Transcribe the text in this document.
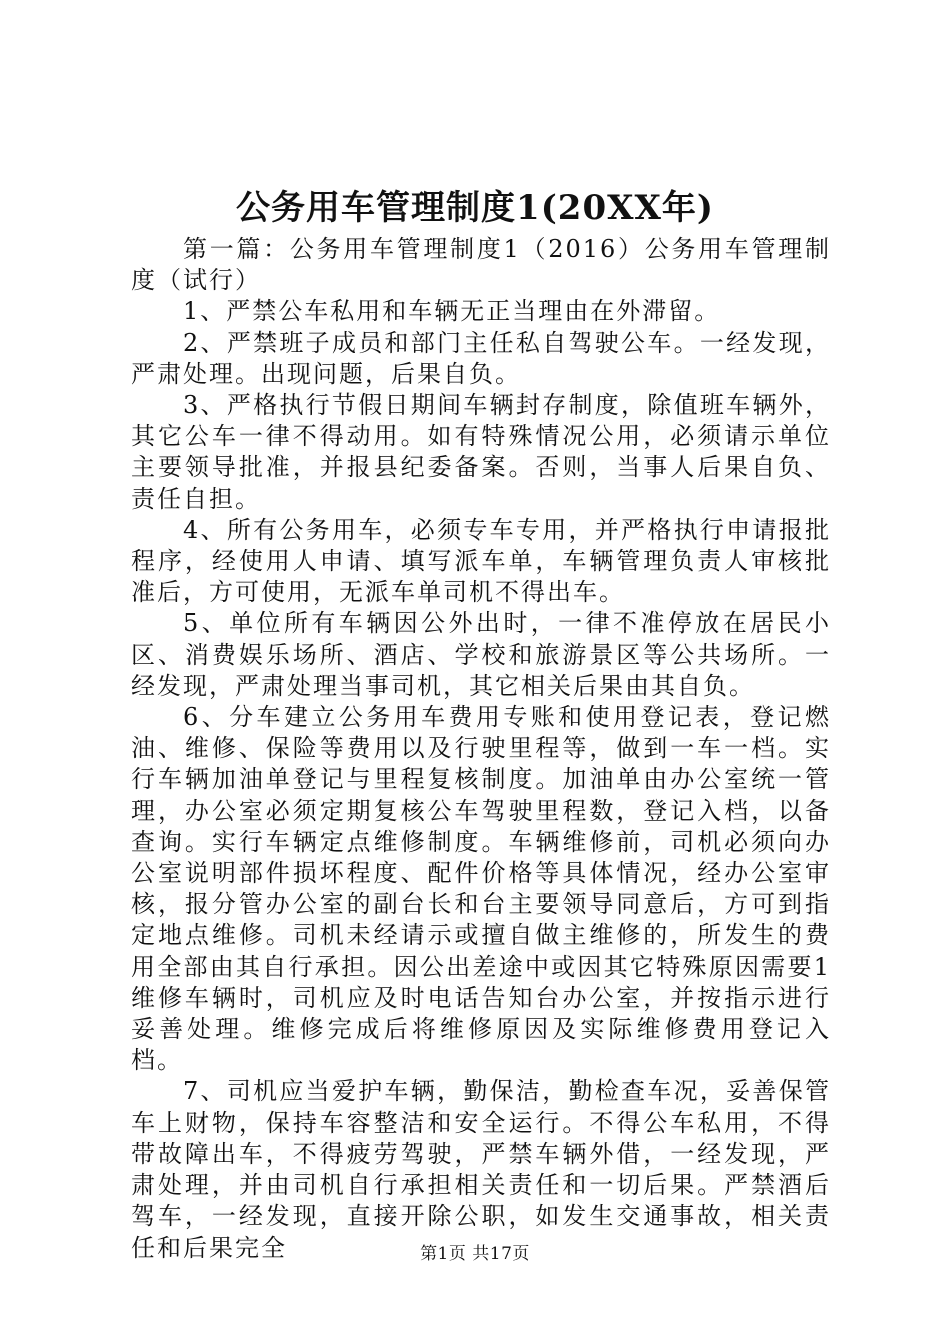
公务用车管理制度1(20XX年)

第一篇：公务用车管理制度1（2016）公务用车管理制度（试行）

1、严禁公车私用和车辆无正当理由在外滞留。

2、严禁班子成员和部门主任私自驾驶公车。一经发现，严肃处理。出现问题，后果自负。

3、严格执行节假日期间车辆封存制度，除值班车辆外，其它公车一律不得动用。如有特殊情况公用，必须请示单位主要领导批准，并报县纪委备案。否则，当事人后果自负、责任自担。

4、所有公务用车，必须专车专用，并严格执行申请报批程序，经使用人申请、填写派车单，车辆管理负责人审核批准后，方可使用，无派车单司机不得出车。

5、单位所有车辆因公外出时，一律不准停放在居民小区、消费娱乐场所、酒店、学校和旅游景区等公共场所。一经发现，严肃处理当事司机，其它相关后果由其自负。

6、分车建立公务用车费用专账和使用登记表，登记燃油、维修、保险等费用以及行驶里程等，做到一车一档。实行车辆加油单登记与里程复核制度。加油单由办公室统一管理，办公室必须定期复核公车驾驶里程数，登记入档，以备查询。实行车辆定点维修制度。车辆维修前，司机必须向办公室说明部件损坏程度、配件价格等具体情况，经办公室审核，报分管办公室的副台长和台主要领导同意后，方可到指定地点维修。司机未经请示或擅自做主维修的，所发生的费用全部由其自行承担。因公出差途中或因其它特殊原因需要1维修车辆时，司机应及时电话告知台办公室，并按指示进行妥善处理。维修完成后将维修原因及实际维修费用登记入档。

7、司机应当爱护车辆，勤保洁，勤检查车况，妥善保管车上财物，保持车容整洁和安全运行。不得公车私用，不得带故障出车，不得疲劳驾驶，严禁车辆外借，一经发现，严肃处理，并由司机自行承担相关责任和一切后果。严禁酒后驾车，一经发现，直接开除公职，如发生交通事故，相关责任和后果完全	第1页 共17页
